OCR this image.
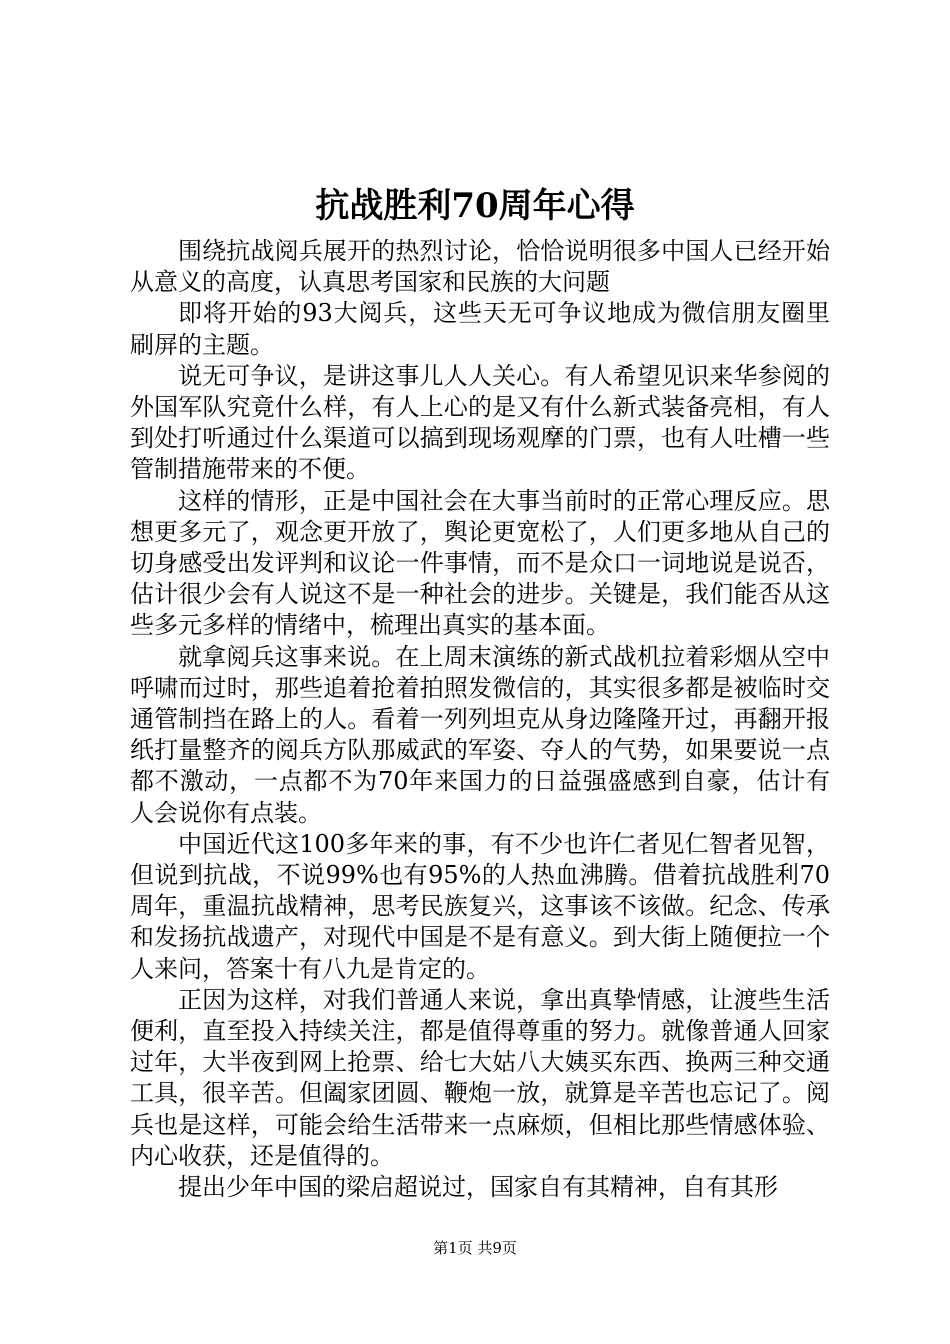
抗战胜利70周年心得

围绕抗战阅兵展开的热烈讨论，恰恰说明很多中国人已经开始从意义的高度，认真思考国家和民族的大问题

即将开始的93大阅兵，这些天无可争议地成为微信朋友圈里刷屏的主题。

说无可争议，是讲这事儿人人关心。有人希望见识来华参阅的外国军队究竟什么样，有人上心的是又有什么新式装备亮相，有人到处打听通过什么渠道可以搞到现场观摩的门票，也有人吐槽一些管制措施带来的不便。

这样的情形，正是中国社会在大事当前时的正常心理反应。思想更多元了，观念更开放了，舆论更宽松了，人们更多地从自己的切身感受出发评判和议论一件事情，而不是众口一词地说是说否，估计很少会有人说这不是一种社会的进步。关键是，我们能否从这些多元多样的情绪中，梳理出真实的基本面。

就拿阅兵这事来说。在上周末演练的新式战机拉着彩烟从空中呼啸而过时，那些追着抢着拍照发微信的，其实很多都是被临时交通管制挡在路上的人。看着一列列坦克从身边隆隆开过，再翻开报纸打量整齐的阅兵方队那威武的军姿、夺人的气势，如果要说一点都不激动，一点都不为70年来国力的日益强盛感到自豪，估计有人会说你有点装。

中国近代这100多年来的事，有不少也许仁者见仁智者见智，但说到抗战，不说99%也有95%的人热血沸腾。借着抗战胜利70周年，重温抗战精神，思考民族复兴，这事该不该做。纪念、传承和发扬抗战遗产，对现代中国是不是有意义。到大街上随便拉一个人来问，答案十有八九是肯定的。

正因为这样，对我们普通人来说，拿出真挚情感，让渡些生活便利，直至投入持续关注，都是值得尊重的努力。就像普通人回家过年，大半夜到网上抢票、给七大姑八大姨买东西、换两三种交通工具，很辛苦。但阖家团圆、鞭炮一放，就算是辛苦也忘记了。阅兵也是这样，可能会给生活带来一点麻烦，但相比那些情感体验、内心收获，还是值得的。

提出少年中国的梁启超说过，国家自有其精神，自有其形

第1页 共9页
